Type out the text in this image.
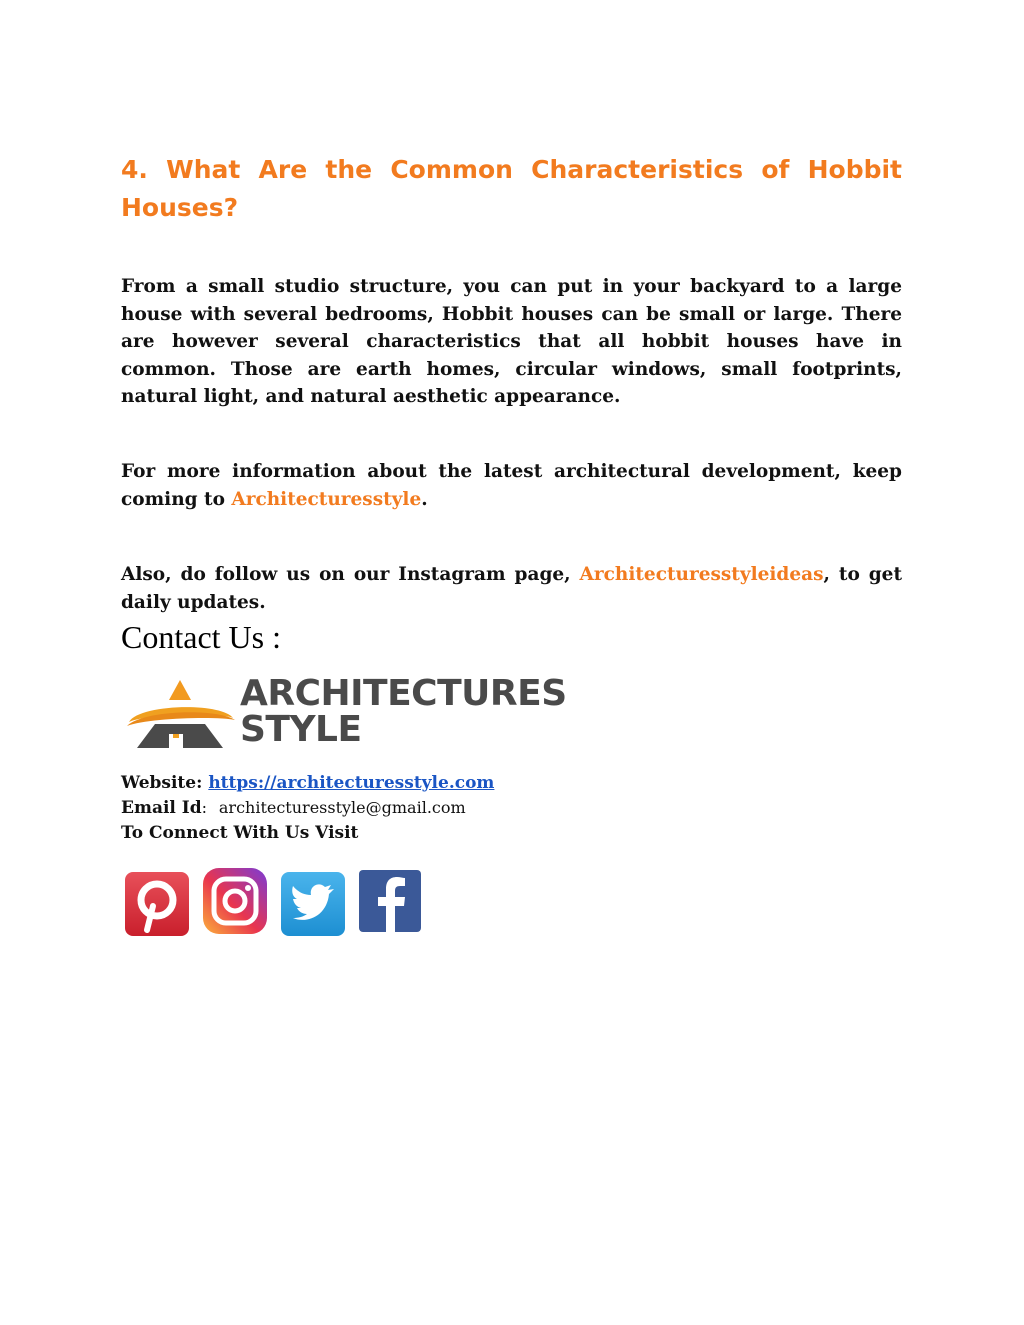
4. What Are the Common Characteristics of Hobbit Houses?

From a small studio structure, you can put in your backyard to a large house with several bedrooms, Hobbit houses can be small or large. There are however several characteristics that all hobbit houses have in common. Those are earth homes, circular windows, small footprints, natural light, and natural aesthetic appearance.

For more information about the latest architectural development, keep coming to Architecturesstyle.

Also, do follow us on our Instagram page, Architecturesstyleideas, to get daily updates.

Contact Us :
ARCHITECTURES
STYLE
Website: https://architecturesstyle.com
Email Id: architecturesstyle@gmail.com
To Connect With Us Visit
